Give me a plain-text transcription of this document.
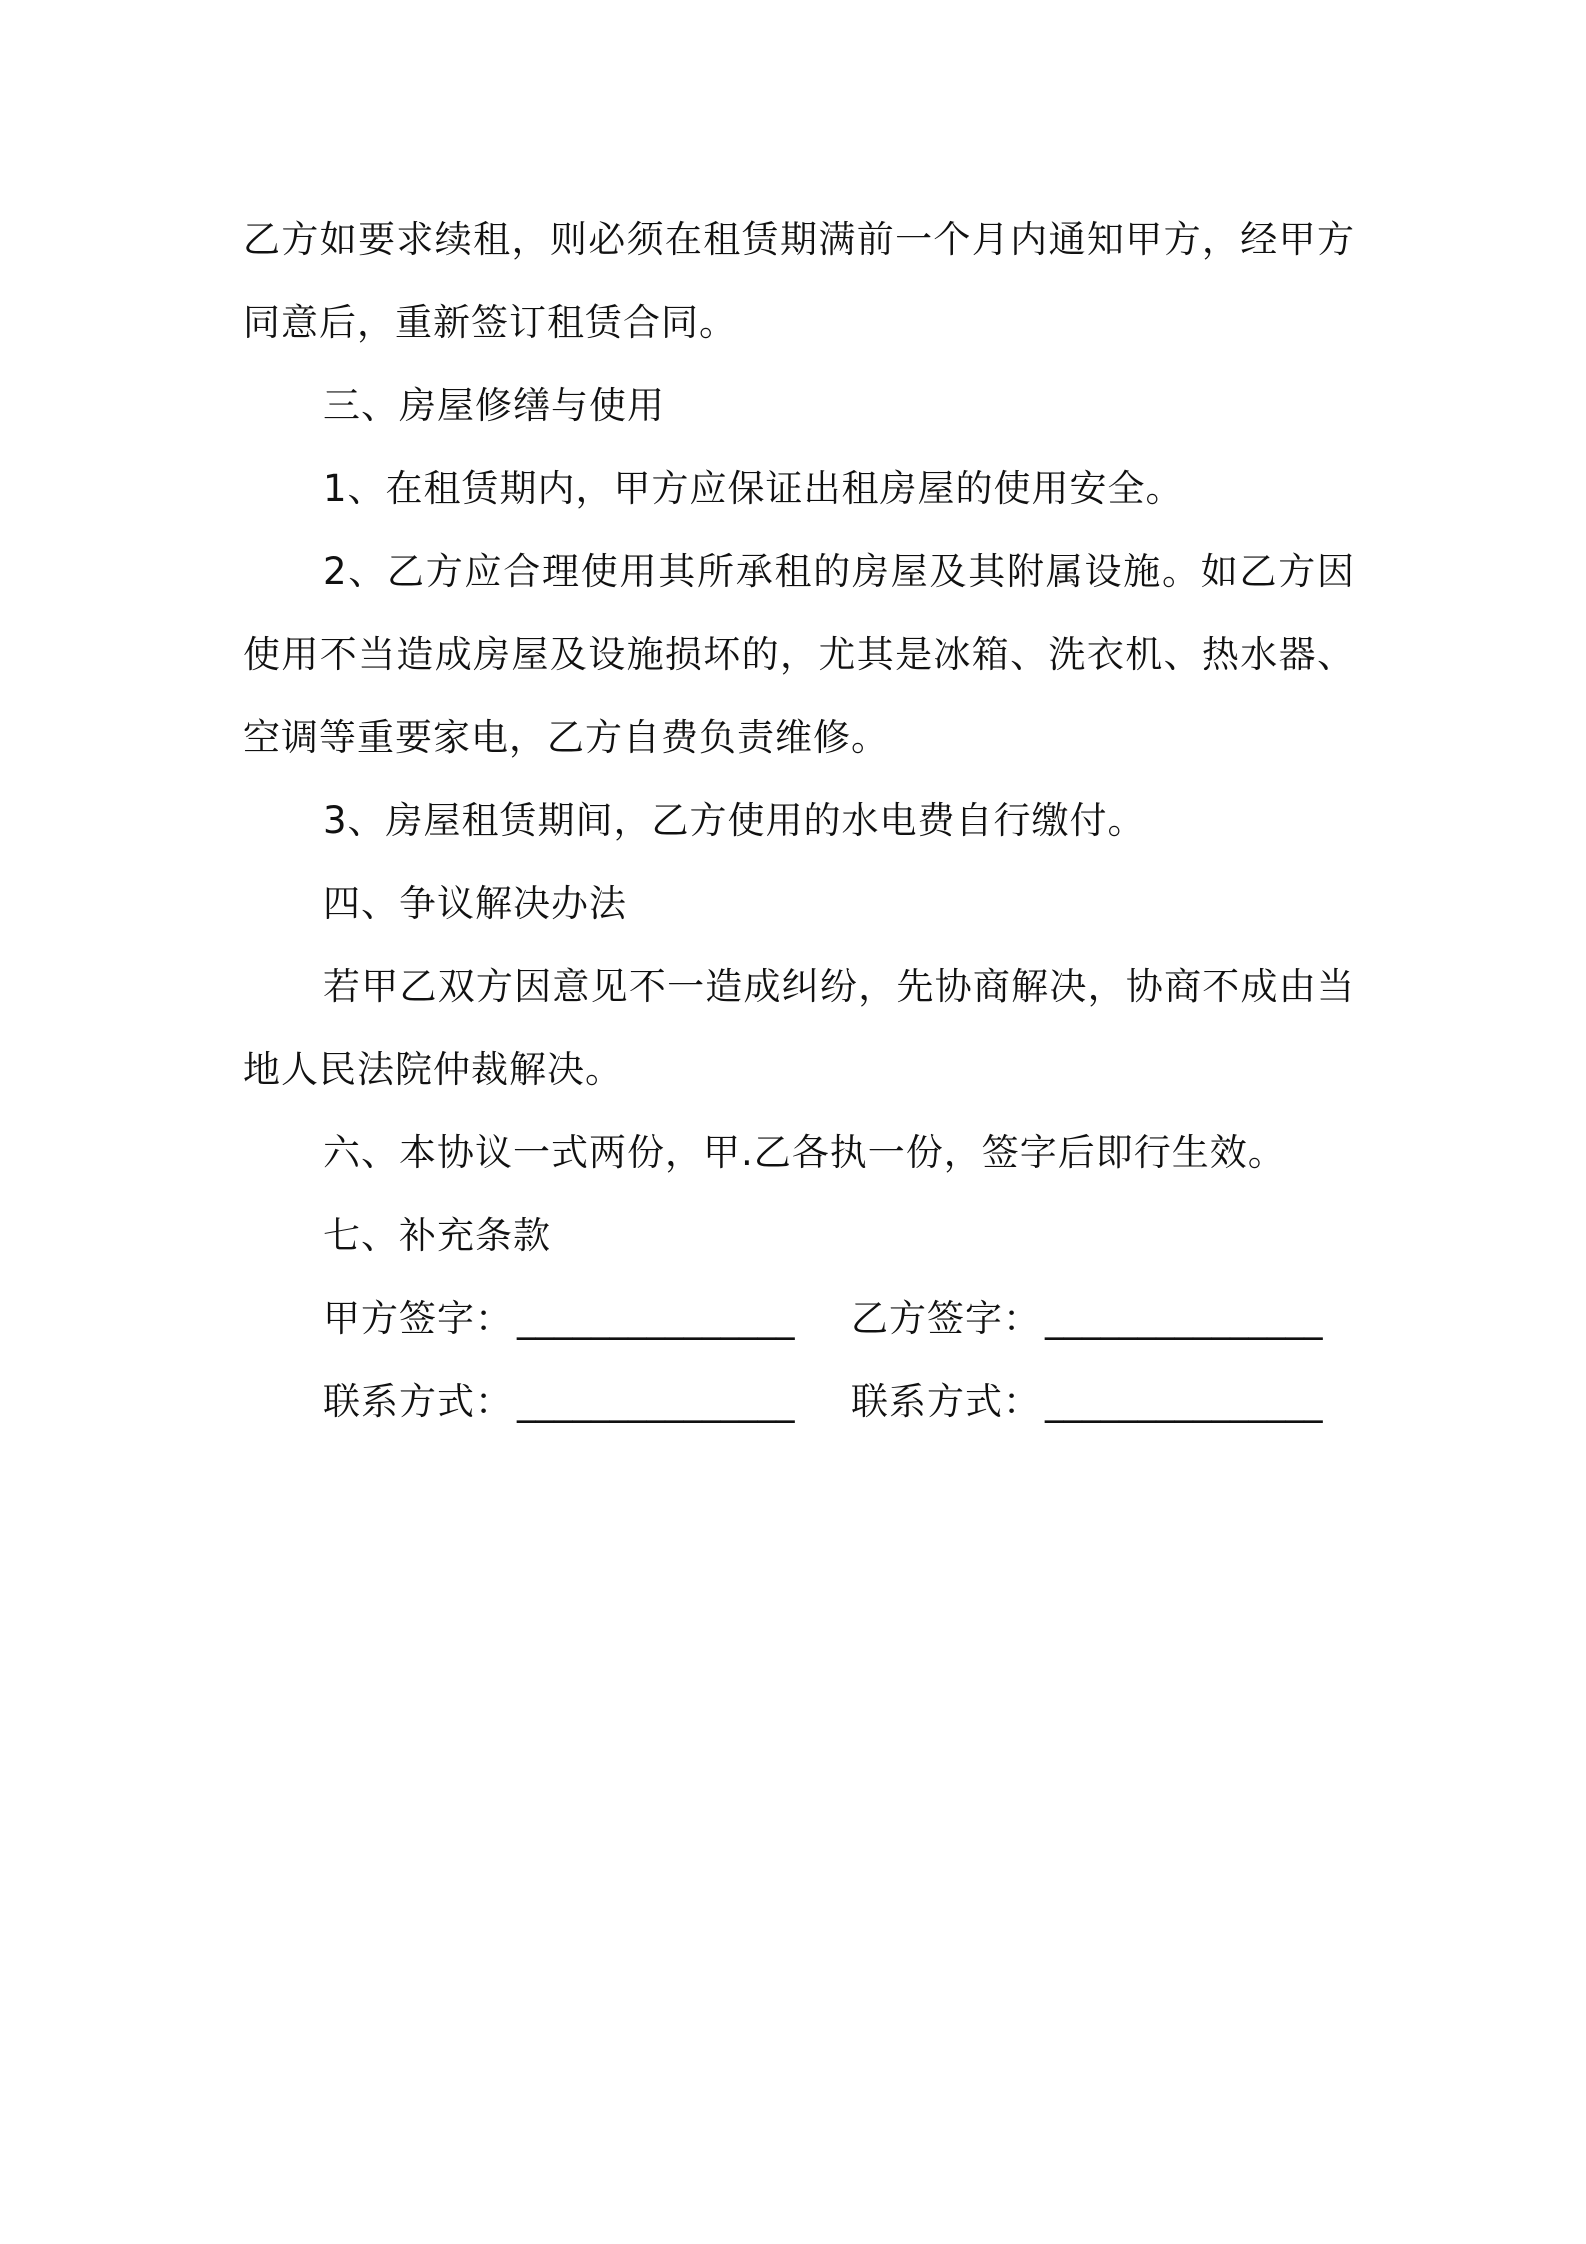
乙方如要求续租，则必须在租赁期满前一个月内通知甲方，经甲方同意后，重新签订租赁合同。

三、房屋修缮与使用

1、在租赁期内，甲方应保证出租房屋的使用安全。

2、乙方应合理使用其所承租的房屋及其附属设施。如乙方因使用不当造成房屋及设施损坏的，尤其是冰箱、洗衣机、热水器、空调等重要家电，乙方自费负责维修。

3、房屋租赁期间，乙方使用的水电费自行缴付。

四、争议解决办法

若甲乙双方因意见不一造成纠纷，先协商解决，协商不成由当地人民法院仲裁解决。

六、本协议一式两份，甲.乙各执一份，签字后即行生效。

七、补充条款

甲方签字： _______________ 乙方签字： _______________
联系方式： _______________ 联系方式： _______________
